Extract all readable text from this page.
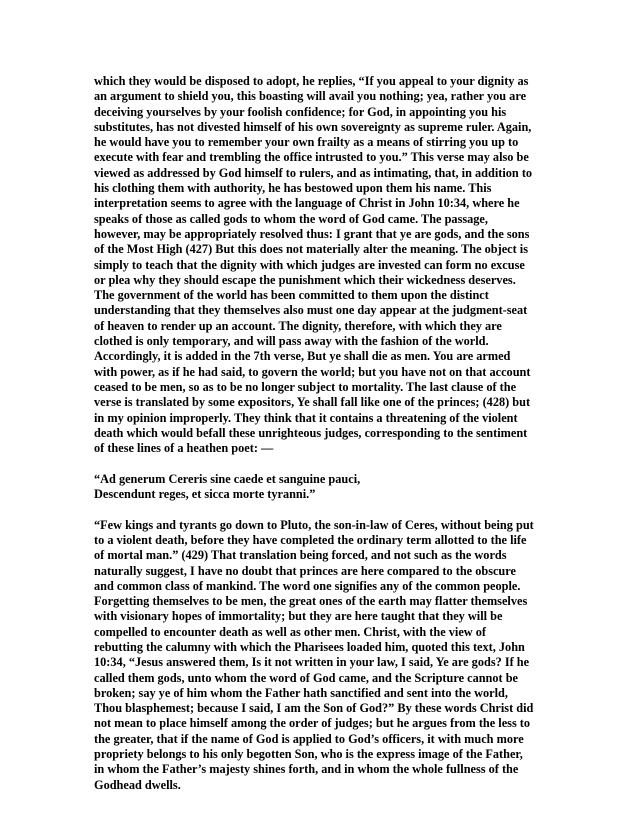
which they would be disposed to adopt, he replies, “If you appeal to your dignity as
an argument to shield you, this boasting will avail you nothing; yea, rather you are
deceiving yourselves by your foolish confidence; for God, in appointing you his
substitutes, has not divested himself of his own sovereignty as supreme ruler. Again,
he would have you to remember your own frailty as a means of stirring you up to
execute with fear and trembling the office intrusted to you.” This verse may also be
viewed as addressed by God himself to rulers, and as intimating, that, in addition to
his clothing them with authority, he has bestowed upon them his name. This
interpretation seems to agree with the language of Christ in John 10:34, where he
speaks of those as called gods to whom the word of God came. The passage,
however, may be appropriately resolved thus: I grant that ye are gods, and the sons
of the Most High (427) But this does not materially alter the meaning. The object is
simply to teach that the dignity with which judges are invested can form no excuse
or plea why they should escape the punishment which their wickedness deserves.
The government of the world has been committed to them upon the distinct
understanding that they themselves also must one day appear at the judgment-seat
of heaven to render up an account. The dignity, therefore, with which they are
clothed is only temporary, and will pass away with the fashion of the world.
Accordingly, it is added in the 7th verse, But ye shall die as men. You are armed
with power, as if he had said, to govern the world; but you have not on that account
ceased to be men, so as to be no longer subject to mortality. The last clause of the
verse is translated by some expositors, Ye shall fall like one of the princes; (428) but
in my opinion improperly. They think that it contains a threatening of the violent
death which would befall these unrighteous judges, corresponding to the sentiment
of these lines of a heathen poet: —

“Ad generum Cereris sine caede et sanguine pauci,
Descendunt reges, et sicca morte tyranni.”

“Few kings and tyrants go down to Pluto, the son-in-law of Ceres, without being put
to a violent death, before they have completed the ordinary term allotted to the life
of mortal man.” (429) That translation being forced, and not such as the words
naturally suggest, I have no doubt that princes are here compared to the obscure
and common class of mankind. The word one signifies any of the common people.
Forgetting themselves to be men, the great ones of the earth may flatter themselves
with visionary hopes of immortality; but they are here taught that they will be
compelled to encounter death as well as other men. Christ, with the view of
rebutting the calumny with which the Pharisees loaded him, quoted this text, John
10:34, “Jesus answered them, Is it not written in your law, I said, Ye are gods? If he
called them gods, unto whom the word of God came, and the Scripture cannot be
broken; say ye of him whom the Father hath sanctified and sent into the world,
Thou blasphemest; because I said, I am the Son of God?” By these words Christ did
not mean to place himself among the order of judges; but he argues from the less to
the greater, that if the name of God is applied to God’s officers, it with much more
propriety belongs to his only begotten Son, who is the express image of the Father,
in whom the Father’s majesty shines forth, and in whom the whole fullness of the
Godhead dwells.
